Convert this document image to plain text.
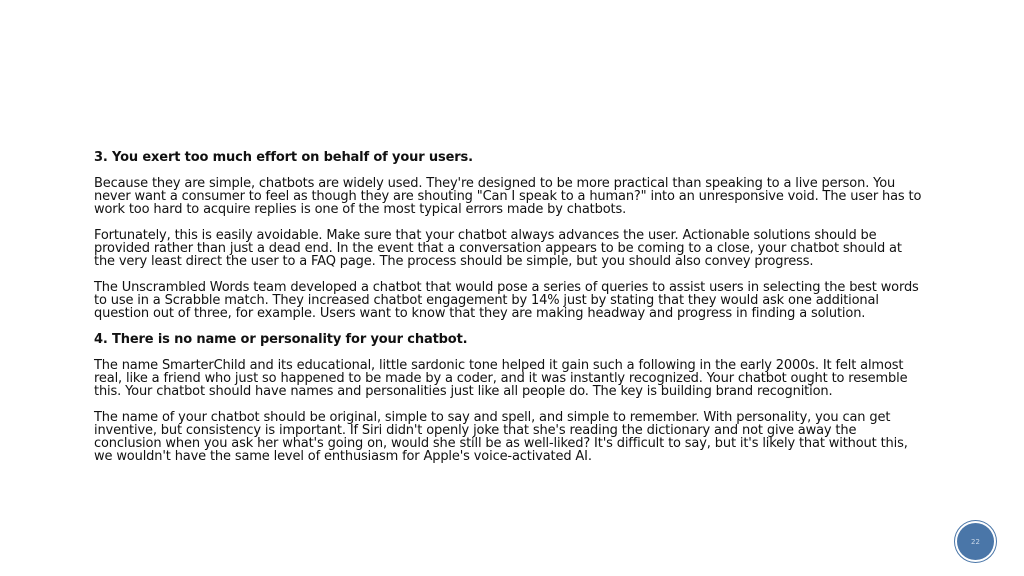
3. You exert too much effort on behalf of your users.

Because they are simple, chatbots are widely used. They're designed to be more practical than speaking to a live person. You never want a consumer to feel as though they are shouting "Can I speak to a human?" into an unresponsive void. The user has to work too hard to acquire replies is one of the most typical errors made by chatbots.

Fortunately, this is easily avoidable. Make sure that your chatbot always advances the user. Actionable solutions should be provided rather than just a dead end. In the event that a conversation appears to be coming to a close, your chatbot should at the very least direct the user to a FAQ page. The process should be simple, but you should also convey progress.

The Unscrambled Words team developed a chatbot that would pose a series of queries to assist users in selecting the best words to use in a Scrabble match. They increased chatbot engagement by 14% just by stating that they would ask one additional question out of three, for example. Users want to know that they are making headway and progress in finding a solution.

4. There is no name or personality for your chatbot.

The name SmarterChild and its educational, little sardonic tone helped it gain such a following in the early 2000s. It felt almost real, like a friend who just so happened to be made by a coder, and it was instantly recognized. Your chatbot ought to resemble this. Your chatbot should have names and personalities just like all people do. The key is building brand recognition.

The name of your chatbot should be original, simple to say and spell, and simple to remember. With personality, you can get inventive, but consistency is important. If Siri didn't openly joke that she's reading the dictionary and not give away the conclusion when you ask her what's going on, would she still be as well-liked? It's difficult to say, but it's likely that without this, we wouldn't have the same level of enthusiasm for Apple's voice-activated AI.

22
